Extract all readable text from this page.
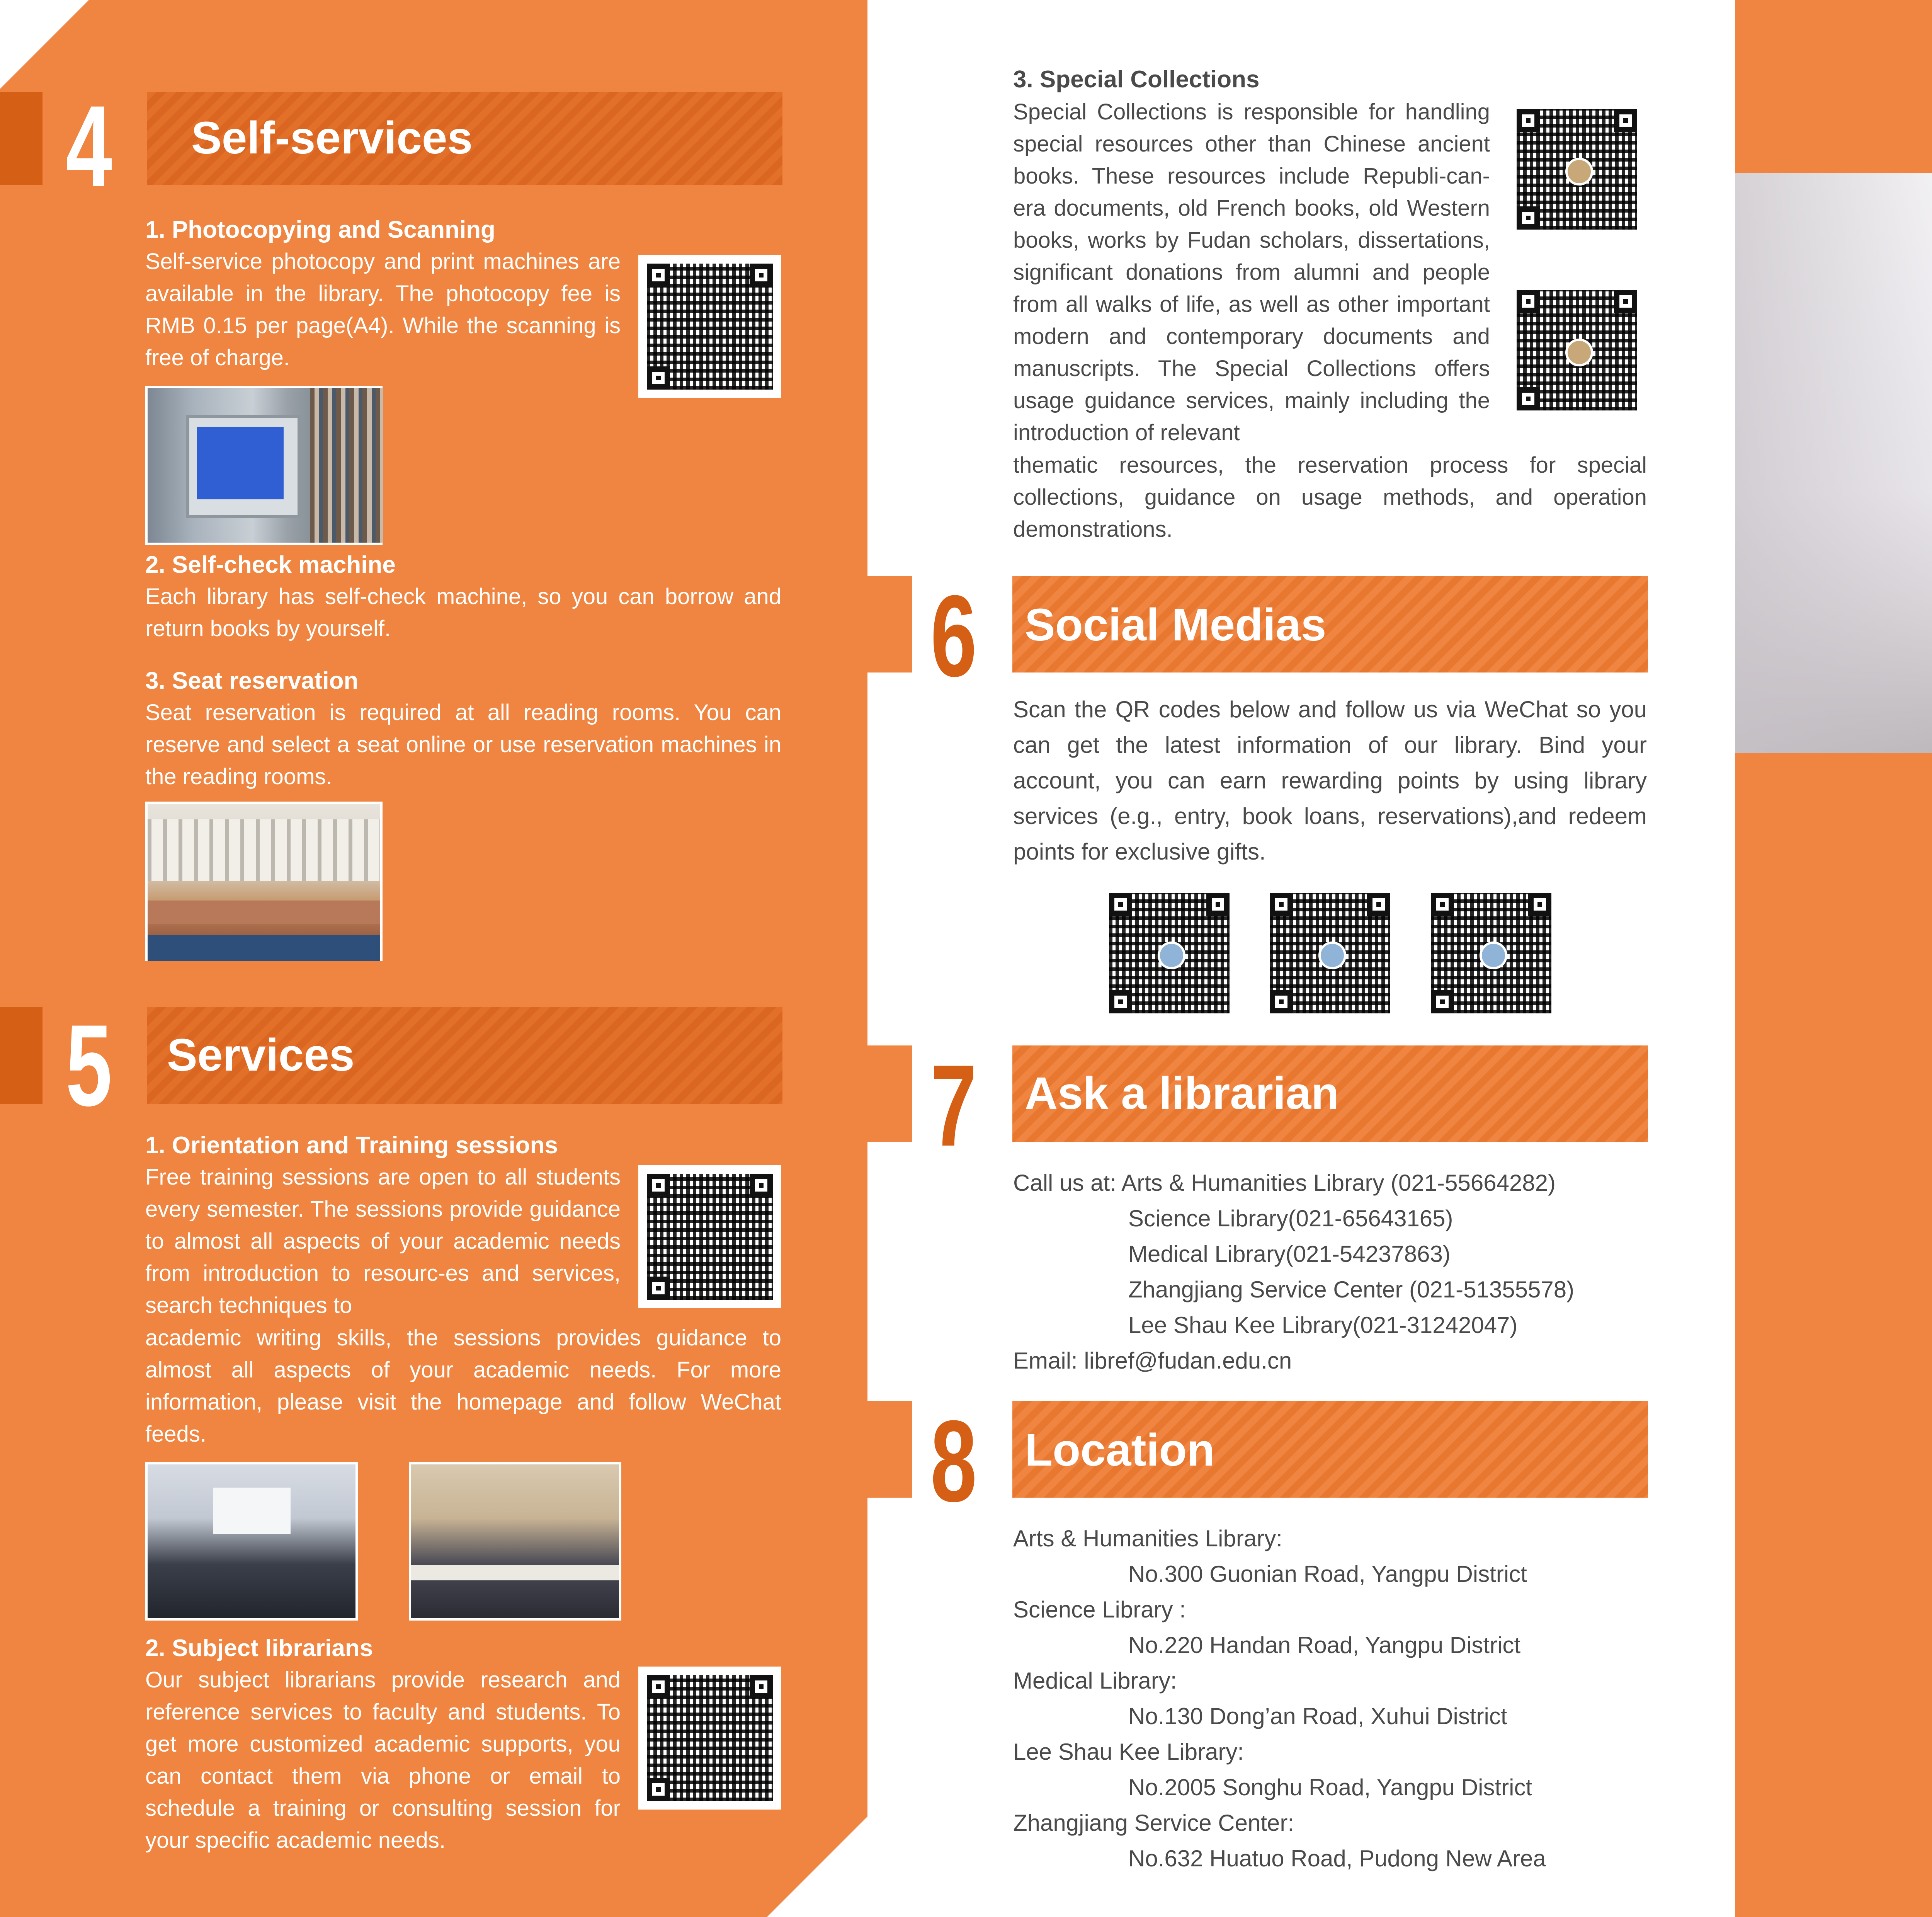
4 Self-services
1. Photocopying and Scanning
Self-service photocopy and print machines are available in the library. The photocopy fee is RMB 0.15 per page(A4). While the scanning is free of charge.
2. Self-check machine
Each library has self-check machine, so you can borrow and return books by yourself.
3. Seat reservation
Seat reservation is required at all reading rooms. You can reserve and select a seat online or use reservation machines in the reading rooms.
5 Services
1. Orientation and Training sessions
Free training sessions are open to all students every semester. The sessions provide guidance to almost all aspects of your academic needs from introduction to resourc-es and services, search techniques to
academic writing skills, the sessions provides guidance to almost all aspects of your academic needs. For more information, please visit the homepage and follow WeChat feeds.
2. Subject librarians
Our subject librarians provide research and reference services to faculty and students. To get more customized academic supports, you can contact them via phone or email to schedule a training or consulting session for your specific academic needs.
3. Special Collections
Special Collections is responsible for handling special resources other than Chinese ancient books. These resources include Republi-can-era documents, old French books, old Western books, works by Fudan scholars, dissertations, significant donations from alumni and people from all walks of life, as well as other important modern and contemporary documents and manuscripts. The Special Collections offers usage guidance services, mainly including the introduction of relevant
thematic resources, the reservation process for special collections, guidance on usage methods, and operation demonstrations.
6 Social Medias
Scan the QR codes below and follow us via WeChat so you can get the latest information of our library. Bind your account, you can earn rewarding points by using library services (e.g., entry, book loans, reservations),and redeem points for exclusive gifts.
7 Ask a librarian
Call us at: Arts & Humanities Library (021-55664282)
Science Library(021-65643165)
Medical Library(021-54237863)
Zhangjiang Service Center (021-51355578)
Lee Shau Kee Library(021-31242047)
Email: libref@fudan.edu.cn
8 Location
Arts & Humanities Library:
No.300 Guonian Road, Yangpu District
Science Library :
No.220 Handan Road, Yangpu District
Medical Library:
No.130 Dong’an Road, Xuhui District
Lee Shau Kee Library:
No.2005 Songhu Road, Yangpu District
Zhangjiang Service Center:
No.632 Huatuo Road, Pudong New Area
